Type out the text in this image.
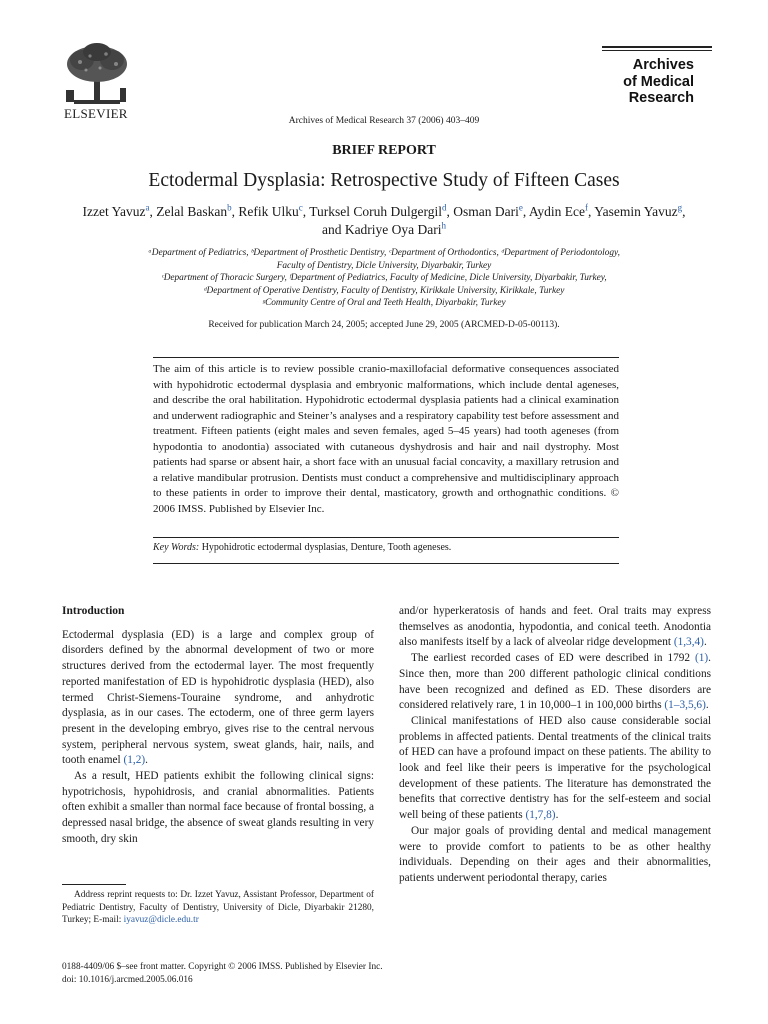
ELSEVIER	Archives of Medical Research 37 (2006) 403–409
Archives
of Medical
Research
BRIEF REPORT
Ectodermal Dysplasia: Retrospective Study of Fifteen Cases
Izzet Yavuz$^a$, Zelal Baskan$^b$, Refik Ulku$^c$, Turksel Coruh Dulgergil$^d$, Osman Dari$^e$, Aydin Ece$^f$, Yasemin Yavuz$^g$, and Kadriye Oya Dari$^h$
ᵃDepartment of Pediatrics, ᵇDepartment of Prosthetic Dentistry, ᶜDepartment of Orthodontics, ᵈDepartment of Periodontology,
Faculty of Dentistry, Dicle University, Diyarbakir, Turkey
ᶜDepartment of Thoracic Surgery, ᶠDepartment of Pediatrics, Faculty of Medicine, Dicle University, Diyarbakir, Turkey,
ᵈDepartment of Operative Dentistry, Faculty of Dentistry, Kirikkale University, Kirikkale, Turkey
ᵍCommunity Centre of Oral and Teeth Health, Diyarbakir, Turkey
Received for publication March 24, 2005; accepted June 29, 2005 (ARCMED-D-05-00113).
The aim of this article is to review possible cranio-maxillofacial deformative consequences associated with hypohidrotic ectodermal dysplasia and embryonic malformations, which include dental ageneses, and describe the oral habilitation. Hypohidrotic ectodermal dysplasia patients had a clinical examination and underwent radiographic and Steiner’s analyses and a respiratory capability test before assessment and treatment. Fifteen patients (eight males and seven females, aged 5–45 years) had tooth ageneses (from hypodontia to anodontia) associated with cutaneous dyshydrosis and hair and nail dystrophy. Most patients had sparse or absent hair, a short face with an unusual facial concavity, a maxillary retrusion and a relative mandibular protrusion. Dentists must conduct a comprehensive and multidisciplinary approach to these patients in order to improve their dental, masticatory, growth and orthognathic conditions. © 2006 IMSS. Published by Elsevier Inc.
Key Words: Hypohidrotic ectodermal dysplasias, Denture, Tooth ageneses.

Introduction

Ectodermal dysplasia (ED) is a large and complex group of disorders defined by the abnormal development of two or more structures derived from the ectodermal layer. The most frequently reported manifestation of ED is hypohidrotic dysplasia (HED), also termed Christ-Siemens-Touraine syndrome, and anhydrotic dysplasia, as in our cases. The ectoderm, one of three germ layers present in the developing embryo, gives rise to the central nervous system, peripheral nervous system, sweat glands, hair, nails, and tooth enamel (1,2).

As a result, HED patients exhibit the following clinical signs: hypotrichosis, hypohidrosis, and cranial abnormalities. Patients often exhibit a smaller than normal face because of frontal bossing, a depressed nasal bridge, the absence of sweat glands resulting in very smooth, dry skin

and/or hyperkeratosis of hands and feet. Oral traits may express themselves as anodontia, hypodontia, and conical teeth. Anodontia also manifests itself by a lack of alveolar ridge development (1,3,4).

The earliest recorded cases of ED were described in 1792 (1). Since then, more than 200 different pathologic clinical conditions have been recognized and defined as ED. These disorders are considered relatively rare, 1 in 10,000–1 in 100,000 births (1–3,5,6).

Clinical manifestations of HED also cause considerable social problems in affected patients. Dental treatments of the clinical traits of HED can have a profound impact on these patients. The ability to look and feel like their peers is imperative for the psychological development of these patients. The literature has demonstrated the benefits that corrective dentistry has for the self-esteem and social well being of these patients (1,7,8).

Our major goals of providing dental and medical management were to provide comfort to patients to be as other healthy individuals. Depending on their ages and their abnormalities, patients underwent periodontal therapy, caries

Address reprint requests to: Dr. Izzet Yavuz, Assistant Professor, Department of Pediatric Dentistry, Faculty of Dentistry, University of Dicle, Diyarbakir 21280, Turkey; E-mail: iyavuz@dicle.edu.tr
0188-4409/06 $–see front matter. Copyright © 2006 IMSS. Published by Elsevier Inc.
doi: 10.1016/j.arcmed.2005.06.016
